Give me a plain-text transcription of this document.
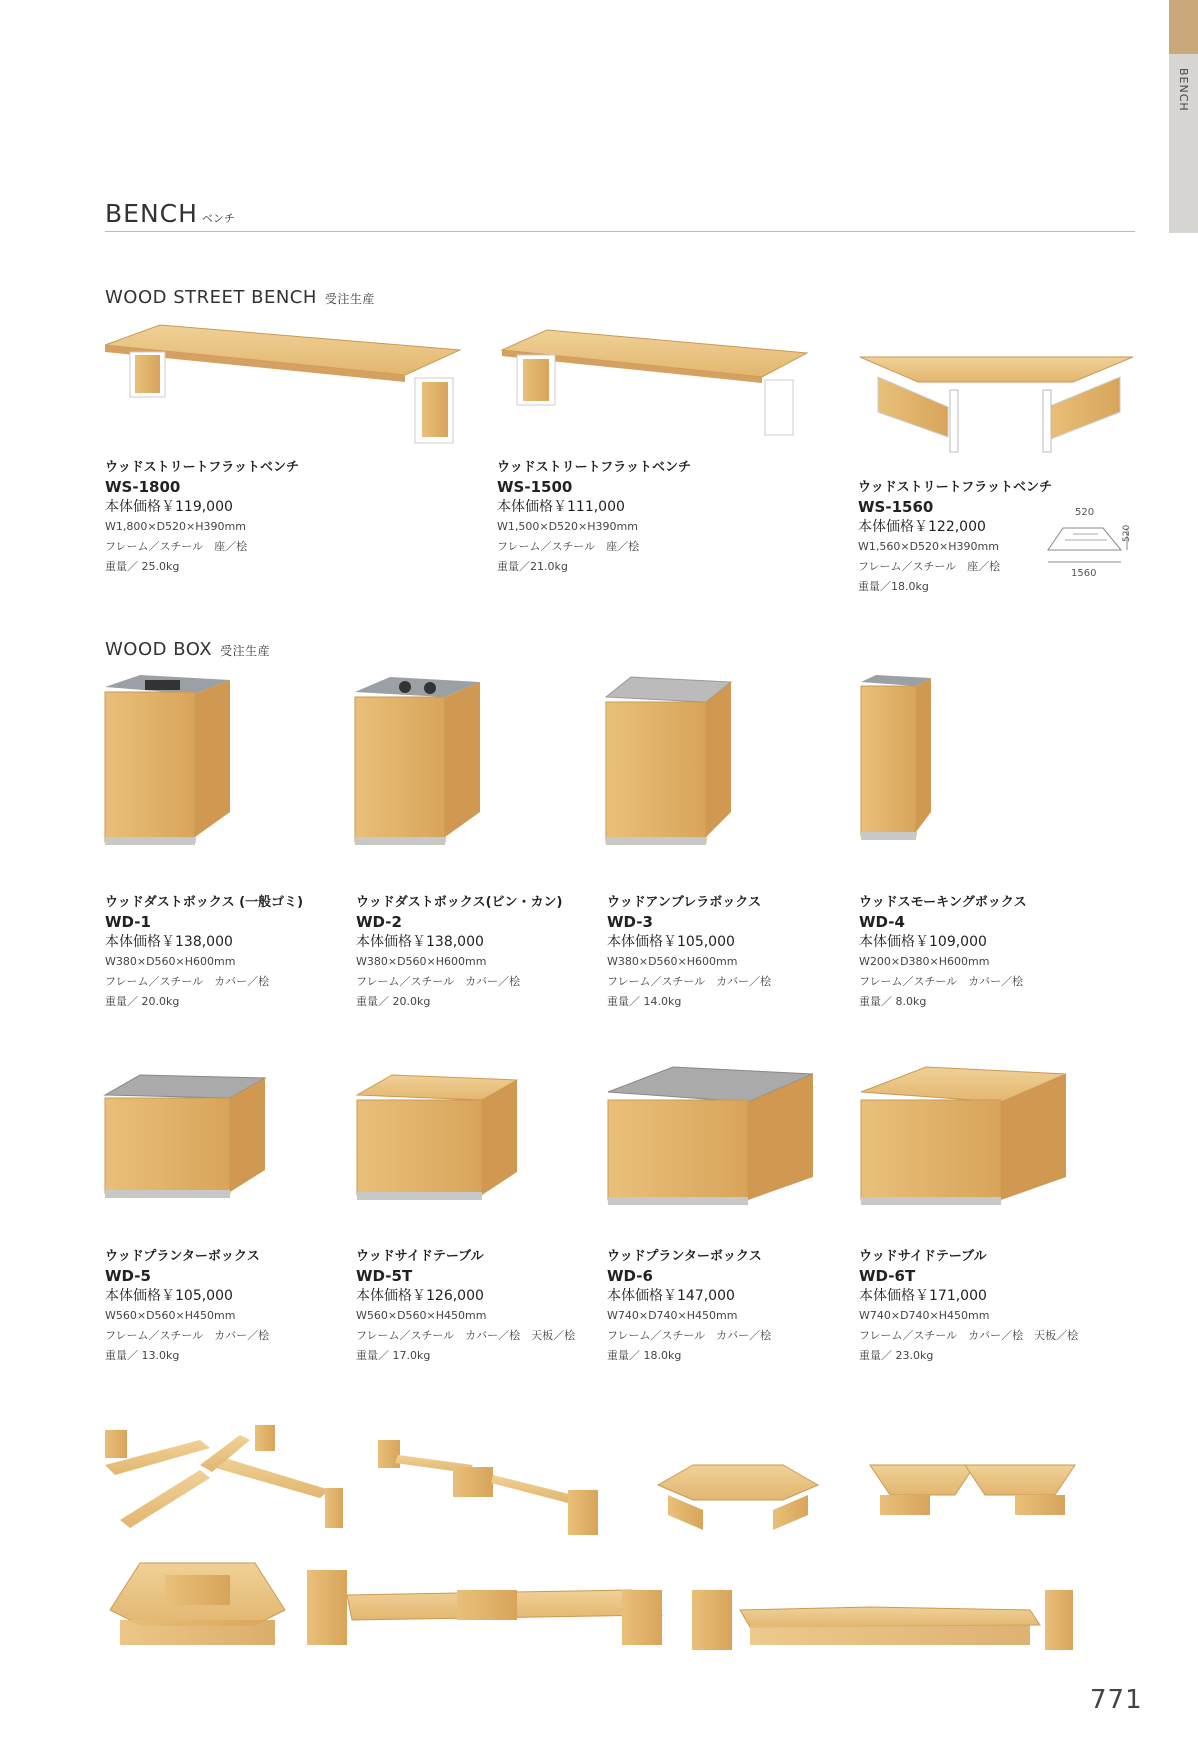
BENCH
BENCH ベンチ
WOOD STREET BENCH 受注生産
ウッドストリートフラットベンチ
WS-1800
本体価格￥119,000
W1,800×D520×H390mm
フレーム／スチール　座／桧
重量／ 25.0kg
ウッドストリートフラットベンチ
WS-1500
本体価格￥111,000
W1,500×D520×H390mm
フレーム／スチール　座／桧
重量／21.0kg
ウッドストリートフラットベンチ
WS-1560
本体価格￥122,000
W1,560×D520×H390mm
フレーム／スチール　座／桧
重量／18.0kg
520
1560
520
WOOD BOX 受注生産
ウッドダストボックス (一般ゴミ)
WD-1
本体価格￥138,000
W380×D560×H600mm
フレーム／スチール　カバー／桧
重量／ 20.0kg
ウッドダストボックス(ビン・カン)
WD-2
本体価格￥138,000
W380×D560×H600mm
フレーム／スチール　カバー／桧
重量／ 20.0kg
ウッドアンブレラボックス
WD-3
本体価格￥105,000
W380×D560×H600mm
フレーム／スチール　カバー／桧
重量／ 14.0kg
ウッドスモーキングボックス
WD-4
本体価格￥109,000
W200×D380×H600mm
フレーム／スチール　カバー／桧
重量／ 8.0kg
ウッドプランターボックス
WD-5
本体価格￥105,000
W560×D560×H450mm
フレーム／スチール　カバー／桧
重量／ 13.0kg
ウッドサイドテーブル
WD-5T
本体価格￥126,000
W560×D560×H450mm
フレーム／スチール　カバー／桧　天板／桧
重量／ 17.0kg
ウッドプランターボックス
WD-6
本体価格￥147,000
W740×D740×H450mm
フレーム／スチール　カバー／桧
重量／ 18.0kg
ウッドサイドテーブル
WD-6T
本体価格￥171,000
W740×D740×H450mm
フレーム／スチール　カバー／桧　天板／桧
重量／ 23.0kg
771
